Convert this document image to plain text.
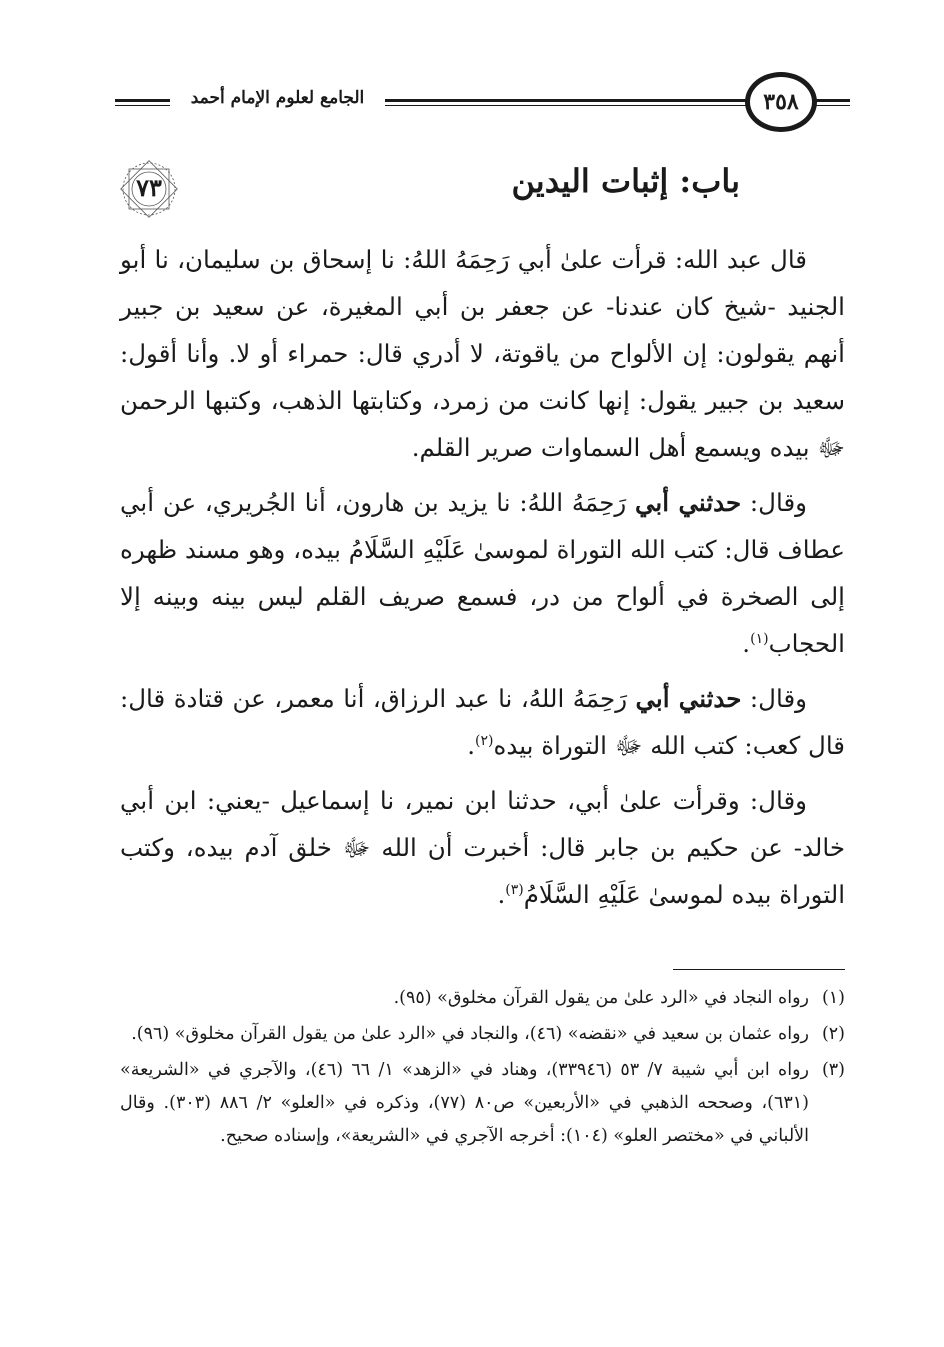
الجامع لعلوم الإمام أحمد	٣٥٨
٧٣	باب: إثبات اليدين

قال عبد الله: قرأت علىٰ أبي رَحِمَهُ اللهُ: نا إسحاق بن سليمان، نا أبو الجنيد -شيخ كان عندنا- عن جعفر بن أبي المغيرة، عن سعيد بن جبير أنهم يقولون: إن الألواح من ياقوتة، لا أدري قال: حمراء أو لا. وأنا أقول: سعيد بن جبير يقول: إنها كانت من زمرد، وكتابتها الذهب، وكتبها الرحمن ﷻ بيده ويسمع أهل السماوات صرير القلم.

وقال: حدثني أبي رَحِمَهُ اللهُ: نا يزيد بن هارون، أنا الجُريري، عن أبي عطاف قال: كتب الله التوراة لموسىٰ عَلَيْهِ السَّلَامُ بيده، وهو مسند ظهره إلى الصخرة في ألواح من در، فسمع صريف القلم ليس بينه وبينه إلا الحجاب$^{(١)}$.

وقال: حدثني أبي رَحِمَهُ اللهُ، نا عبد الرزاق، أنا معمر، عن قتادة قال: قال كعب: كتب الله ﷻ التوراة بيده$^{(٢)}$.

وقال: وقرأت علىٰ أبي، حدثنا ابن نمير، نا إسماعيل -يعني: ابن أبي خالد- عن حكيم بن جابر قال: أخبرت أن الله ﷻ خلق آدم بيده، وكتب التوراة بيده لموسىٰ عَلَيْهِ السَّلَامُ$^{(٣)}$.

(١)
رواه النجاد في «الرد علىٰ من يقول القرآن مخلوق» (٩٥).
(٢)
رواه عثمان بن سعيد في «نقضه» (٤٦)، والنجاد في «الرد علىٰ من يقول القرآن مخلوق» (٩٦).
(٣)
رواه ابن أبي شيبة ٧/ ٥٣ (٣٣٩٤٦)، وهناد في «الزهد» ١/ ٦٦ (٤٦)، والآجري في «الشريعة» (٦٣١)، وصححه الذهبي في «الأربعين» ص٨٠ (٧٧)، وذكره في «العلو» ٢/ ٨٨٦ (٣٠٣). وقال الألباني في «مختصر العلو» (١٠٤): أخرجه الآجري في «الشريعة»، وإسناده صحيح.
